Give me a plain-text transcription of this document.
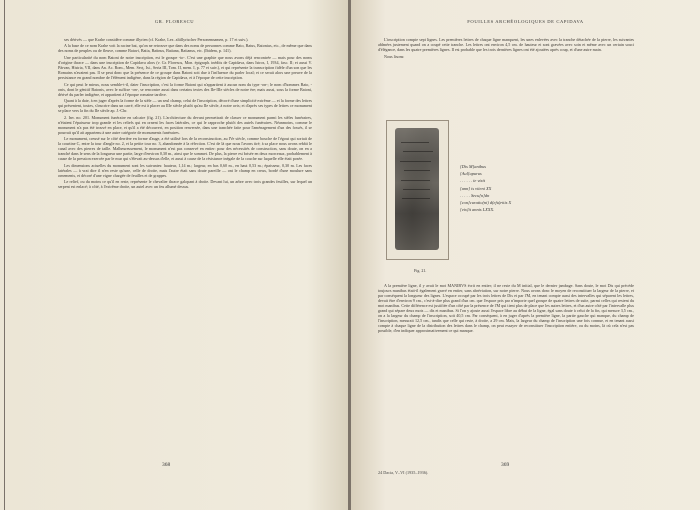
GR. FLORESCU

ses dérivés — que Krahe considère comme illyrien (cf. Krahe, Lex. altillyrischer Personennamen, p. 17 et suiv.).

A la base de ce nom Krahe voit la racine bat, qu'on ne retrouve que dans des noms de personnes comme Bato, Batus, Batonius, etc., de même que dans des noms de peuples ou de fleuve, comme Batavi, Batia, Batinus, Batiana, Batianus, etc. (Ibidem, p. 141).

Une particularité du nom Batoni de notre inscription, est le groupe -to-. C'est une graphie que nous avons déjà rencontrée — mais pour des noms d'origine thrace — dans une inscription de Capidava alors (v. Gr. Florescu, Mon. épigraph. inédits de Capidava, dans Istros, I, 1934, fasc. II; et aussi V. Pârvan, Histria, VII, dans An. Ac. Rom., Mem. Secţ. Ist., Seria III, Tom. II, mem. I, p. 77 et suiv.), et qui représente la transcription fidèle d'un son que les Romains n'avaient pas. Il se peut donc que la présence de ce groupe dans Batoni soit due à l'influence du parler local; et ce serait alors une preuve de la persistance en grand nombre de l'élément indigène, dans la région de Capidava, et à l'époque de cette inscription.

Ce qui peut le mieux, nous semble-t-il, dater l'inscription, c'est la forme Batoni qui n'appartient à aucun nom du type -on-; le nom d'hommes Bato, -onis, dont le génitif Batonis, avec le suffixe -on-, se rencontre aussi dans certains textes des IIe-IIIe siècles de notre ère; mais aussi, sous la forme Batoni, dérivé du parler indigène, et appartient à l'époque romaine tardive.

Quant à la date, à en juger d'après la forme de la stèle — un seul champ, celui de l'inscription, décoré d'une simplicité extrême — et la forme des lettres qui présentent, toutes, s'inscrire dans un carré, elle est à placer au IIIe siècle plutôt qu'au IIe siècle, à notre avis; et d'après ses types de lettres ce monument se place vers la fin du IIe siècle ap. J.-Chr.

2. Inv. no. 201. Monument funéraire en calcaire (fig. 21). L'architecture du devant permettrait de classer ce monument parmi les stèles funéraires, n'étaient l'épaisseur trop grande et les reliefs qui en ornent les faces latérales, ce qui le rapproche plutôt des autels funéraires. Néanmoins, comme le monument n'a pas été trouvé en place, et qu'il a été découvert, en position renversée, dans une tranchée faite pour l'aménagement d'un des fossés, il se pourrait qu'il ait appartenu à une autre catégorie de monuments funéraires.

Le monument, creusé sur le côté derrière en forme d'auge, a été utilisé lors de la reconstruction, au IVe siècle, comme bouche de l'égout qui sortait de la courtine C, entre la tour d'angle no. 2, et la petite tour no. 3, abandonnée à la réfection. C'est de là que nous l'avons tiré; à sa place nous avons rebâti le canal avec des pierres de taille. Malheureusement, le monument n'est pas conservé en entier: pour des nécessités de construction, sans doute, on en a tranché dans le sens de la longueur une partie, large d'environ 0,30 m., ainsi que le sommet. De plus, la pierre est brisée en deux morceaux, probablement à cause de la pression exercée par le mur qui s'élevait au-dessus d'elle, et aussi à cause de la résistance inégale de la couche sur laquelle elle était posée.

Les dimensions actuelles du monument sont les suivantes: hauteur, 1,14 m.; largeur, en bas 0,60 m., en haut 0,53 m.; épaisseur, 0,30 m. Les faces latérales — à vrai dire il n'en reste qu'une, celle de droite, mais l'autre était sans doute pareille — ont le champ en creux, bordé d'une moulure sans ornements, et décoré d'une vigne chargée de feuilles et de grappes.

Le relief, ou du moins ce qu'il en reste, représente le chevalier thrace galopant à droite. Devant lui, un arbre avec trois grandes feuilles, sur lequel un serpent est enlacé; à côté, à l'extrême droite, un autel avec un feu allumé dessus.

368
FOUILLES ARCHÉOLOGIQUES DE CAPIDAVA

L'inscription compte sept lignes. Les premières lettres de chaque ligne manquent, les unes enlevées avec la tranche détachée de la pierre, les suivantes abîmées justement quand on a coupé cette tranche. Les lettres ont environ 4,5 cm. de hauteur et sont gravées avec soin et même avec un certain souci d'élégance, dans les quatre premières lignes. Il est probable que les trois dernières lignes ont été ajoutées après coup, et d'une autre main.

Nous lisons:

A la première ligne, il y avait le mot MANIBVS écrit en entier; il ne reste du M initial, que le dernier jambage. Sans doute, le mot Dis qui précède toujours manibus était-il également gravé en entier, sans abréviation, sur notre pierre. Nous avons donc le moyen de reconstituer la largeur de la pierre, et par conséquent la longueur des lignes. L'espace occupé par les trois lettres de Dis et par l'M, en tenant compte aussi des intervalles qui séparent les lettres, devait être d'environ 9 cm., c'est-à-dire plus grand d'un cm. que l'espace pris par n'importe quel groupe de quatre lettres de suite, parmi celles qui restent du mot manibus. Cette différence est justifiée d'un côté par la présence de l'M qui tient plus de place que les autres lettres, et d'un autre côté par l'intervalle plus grand qui sépare deux mots — dis et manibus. Si l'on y ajoute aussi l'espace libre au début de la ligne, égal sans doute à celui de la fin, qui mesure 3,5 cm., on a la largeur du champ de l'inscription, soit 40,5 cm. Par conséquent, à en juger d'après la première ligne, la partie gauche qui manque, du champ de l'inscription, mesurait 12,5 cm., tandis que celle qui reste, à droite, a 29 cm. Mais, la largeur du champ de l'inscription une fois connue, et en tenant aussi compte à chaque ligne de la distribution des lettres dans le champ, on peut essayer de reconstituer l'inscription entière, ou du moins, là où cela n'est pas possible, d'en indiquer approximativement ce qui manque.

369
Fig. 21.
[Dis M]anibus
[Aul]upurus
. . . . . . ie vixit
[ann] is viieni XX
. . . . . Secu[n]dn
[con]curatio(ni) d(efu)ritis X
[vix]it annis LXXX.
24 Dacia, V–VI (1935–1936).
